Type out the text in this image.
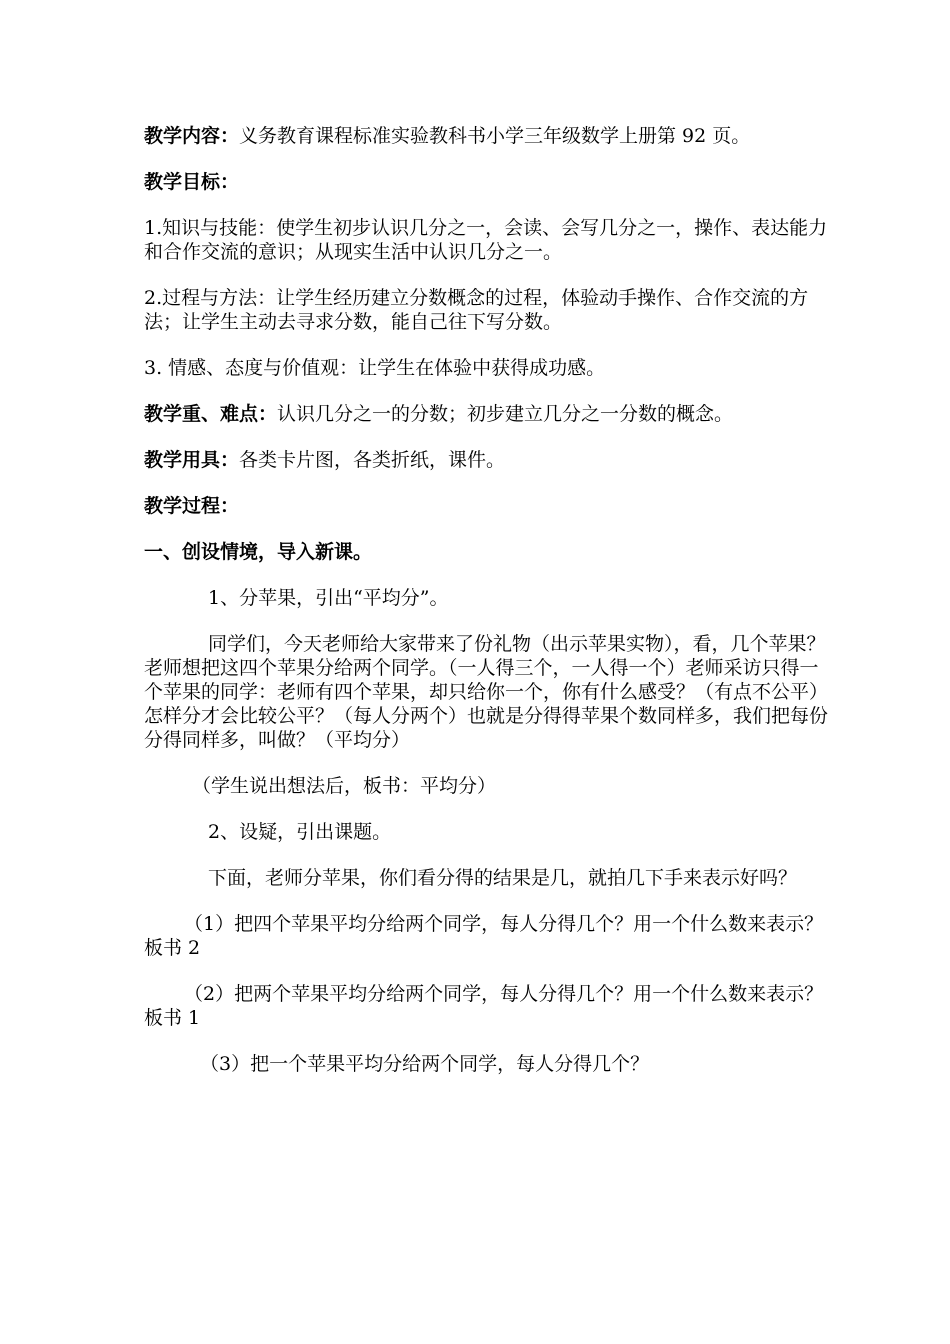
教学内容：义务教育课程标准实验教科书小学三年级数学上册第 92 页。

教学目标：

1.知识与技能：使学生初步认识几分之一，会读、会写几分之一，操作、表达能力和合作交流的意识；从现实生活中认识几分之一。

2.过程与方法：让学生经历建立分数概念的过程，体验动手操作、合作交流的方法；让学生主动去寻求分数，能自己往下写分数。

3. 情感、态度与价值观：让学生在体验中获得成功感。

教学重、难点：认识几分之一的分数；初步建立几分之一分数的概念。

教学用具：各类卡片图，各类折纸，课件。

教学过程：

一、创设情境，导入新课。

1、分苹果，引出“平均分”。

同学们，今天老师给大家带来了份礼物（出示苹果实物），看，几个苹果？老师想把这四个苹果分给两个同学。（一人得三个，一人得一个）老师采访只得一个苹果的同学：老师有四个苹果，却只给你一个，你有什么感受？（有点不公平）怎样分才会比较公平？（每人分两个）也就是分得得苹果个数同样多，我们把每份分得同样多，叫做？（平均分）

（学生说出想法后，板书：平均分）

2、设疑，引出课题。

下面，老师分苹果，你们看分得的结果是几，就拍几下手来表示好吗？

（1）把四个苹果平均分给两个同学，每人分得几个？用一个什么数来表示？板书 2

（2）把两个苹果平均分给两个同学，每人分得几个？用一个什么数来表示？板书 1

（3）把一个苹果平均分给两个同学，每人分得几个？
